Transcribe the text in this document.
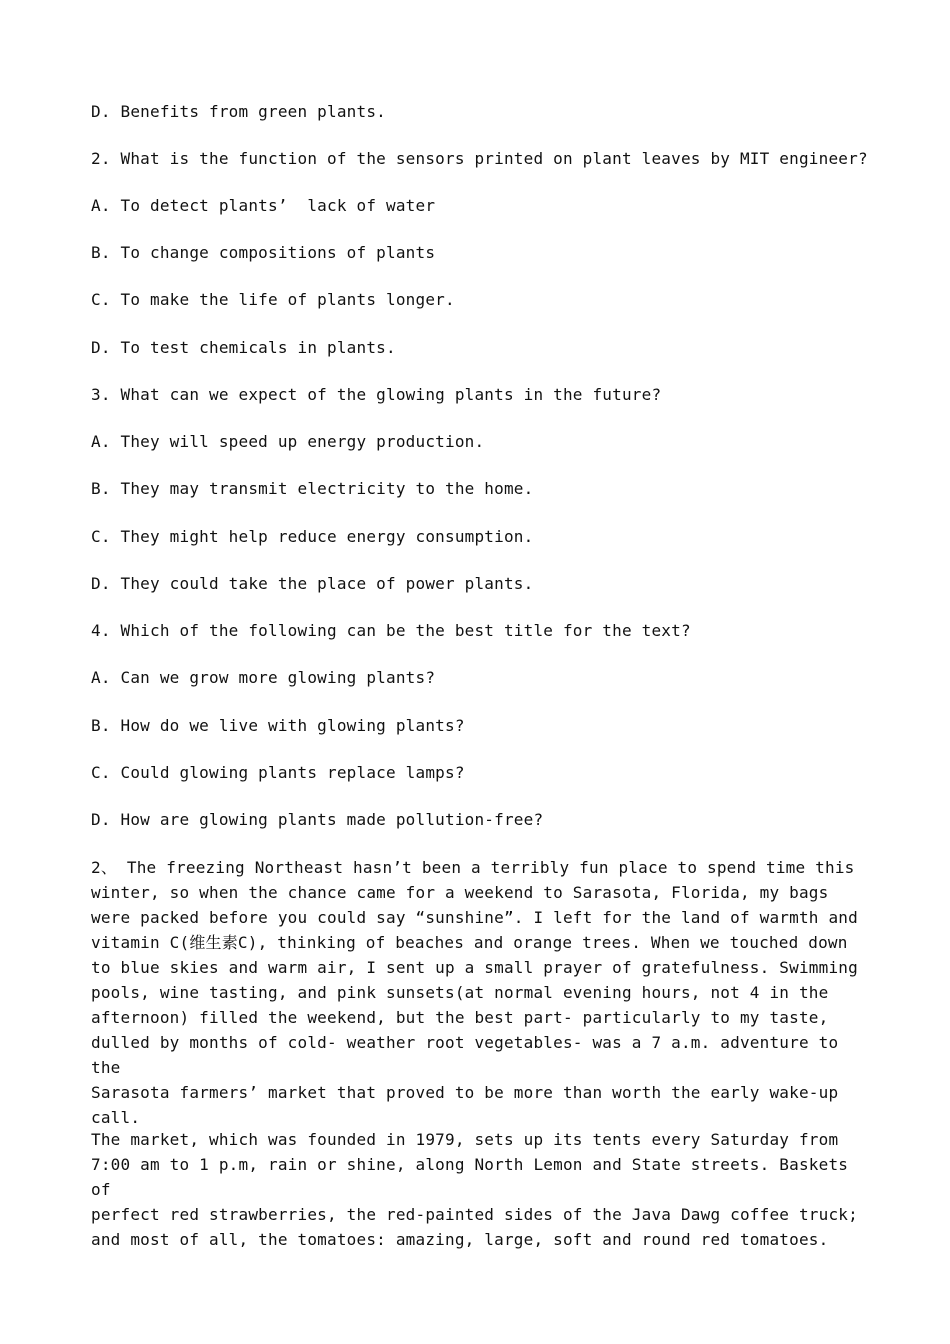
D. Benefits from green plants.
2. What is the function of the sensors printed on plant leaves by MIT engineer?
A. To detect plants’  lack of water
B. To change compositions of plants
C. To make the life of plants longer.
D. To test chemicals in plants.
3. What can we expect of the glowing plants in the future?
A. They will speed up energy production.
B. They may transmit electricity to the home.
C. They might help reduce energy consumption.
D. They could take the place of power plants.
4. Which of the following can be the best title for the text?
A. Can we grow more glowing plants?
B. How do we live with glowing plants?
C. Could glowing plants replace lamps?
D. How are glowing plants made pollution-free?
2、 The freezing Northeast hasn’t been a terribly fun place to spend time this
winter, so when the chance came for a weekend to Sarasota, Florida, my bags
were packed before you could say “sunshine”. I left for the land of warmth and
vitamin C(维生素C), thinking of beaches and orange trees. When we touched down
to blue skies and warm air, I sent up a small prayer of gratefulness. Swimming
pools, wine tasting, and pink sunsets(at normal evening hours, not 4 in the
afternoon) filled the weekend, but the best part- particularly to my taste,
dulled by months of cold- weather root vegetables- was a 7 a.m. adventure to the
Sarasota farmers’ market that proved to be more than worth the early wake-up
call.
The market, which was founded in 1979, sets up its tents every Saturday from
7:00 am to 1 p.m, rain or shine, along North Lemon and State streets. Baskets of
perfect red strawberries, the red-painted sides of the Java Dawg coffee truck;
and most of all, the tomatoes: amazing, large, soft and round red tomatoes.
